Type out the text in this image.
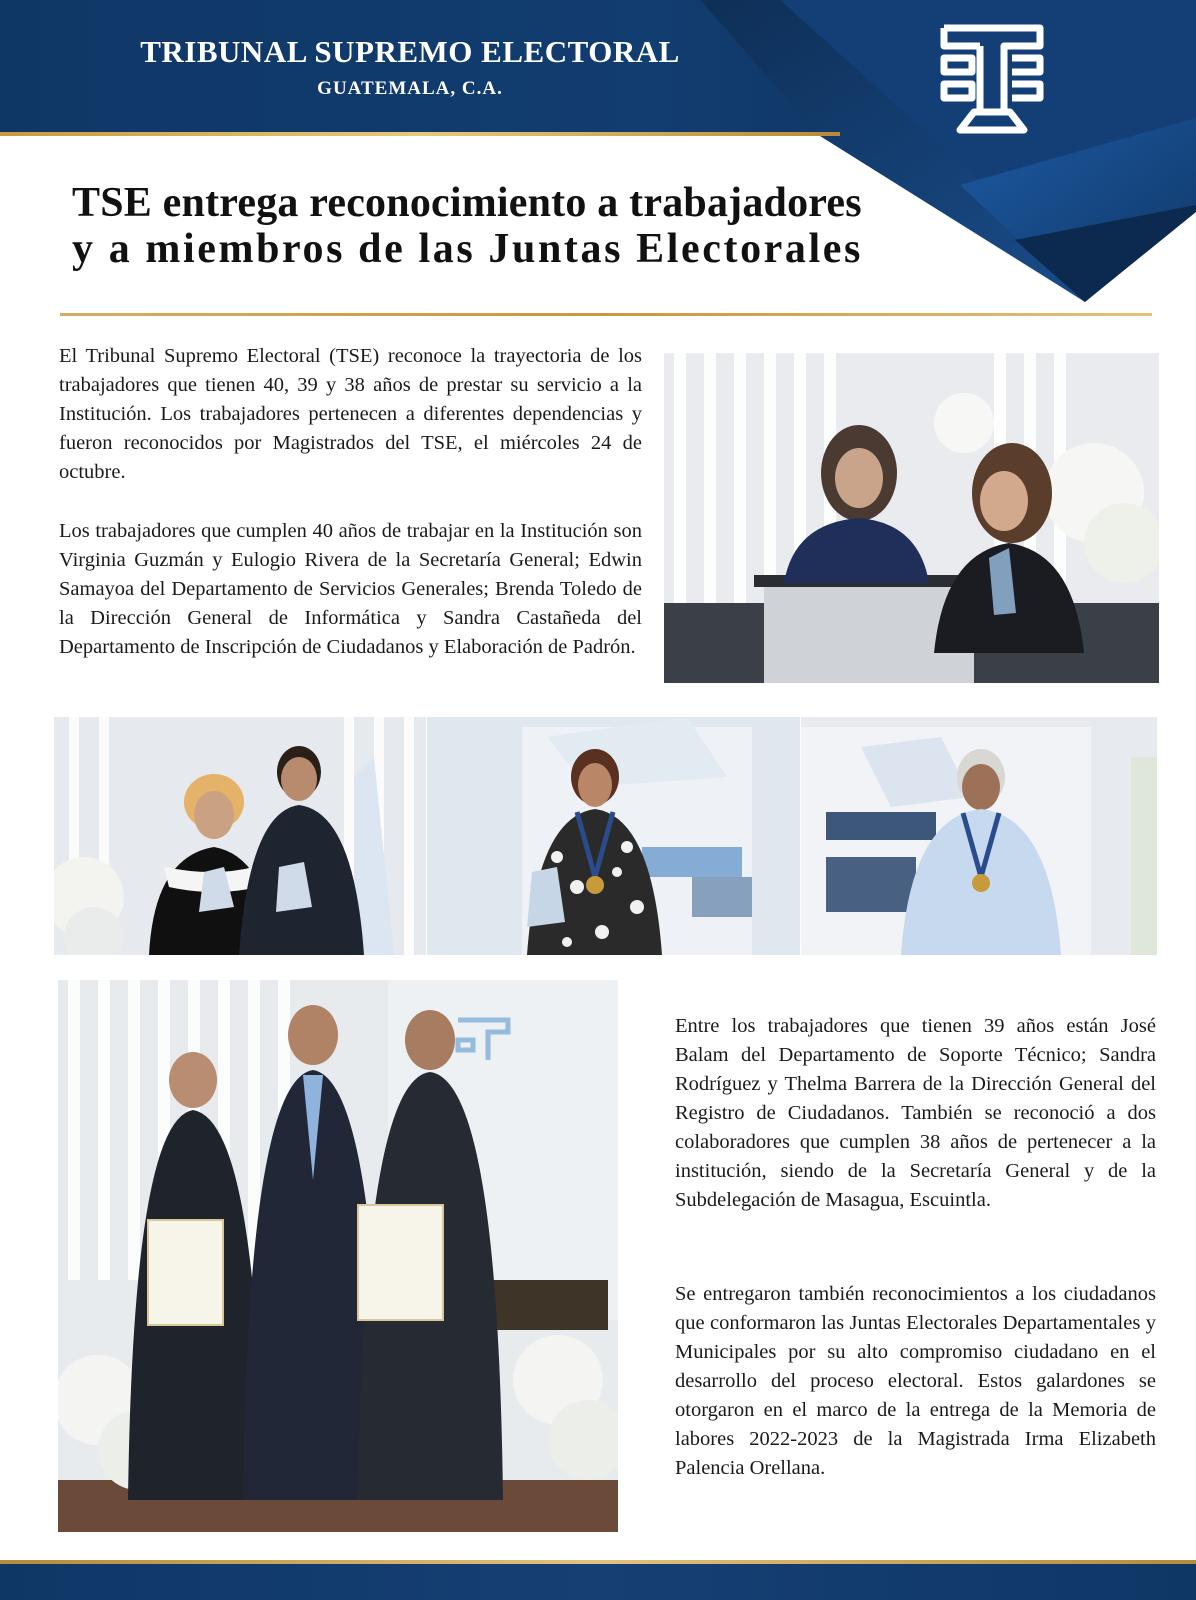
TRIBUNAL SUPREMO ELECTORAL
GUATEMALA, C.A.
TSE entrega reconocimiento a trabajadores
y a miembros de las Juntas Electorales

El Tribunal Supremo Electoral (TSE) reconoce la trayectoria de los trabajadores que tienen 40, 39 y 38 años de prestar su servicio a la Institución. Los trabajadores pertenecen a diferentes dependencias y fueron reconocidos por Magistrados del TSE, el miércoles 24 de octubre.

Los trabajadores que cumplen 40 años de trabajar en la Institución son Virginia Guzmán y Eulogio Rivera de la Secretaría General; Edwin Samayoa del Departamento de Servicios Generales; Brenda Toledo de la Dirección General de Informática y Sandra Castañeda del Departamento de Inscripción de Ciudadanos y Elaboración de Padrón.

Entre los trabajadores que tienen 39 años están José Balam del Departamento de Soporte Técnico; Sandra Rodríguez y Thelma Barrera de la Dirección General del Registro de Ciudadanos. También se reconoció a dos colaboradores que cumplen 38 años de pertenecer a la institución, siendo de la Secretaría General y de la Subdelegación de Masagua, Escuintla.

Se entregaron también reconocimientos a los ciudadanos que conformaron las Juntas Electorales Departamentales y Municipales por su alto compromiso ciudadano en el desarrollo del proceso electoral. Estos galardones se otorgaron en el marco de la entrega de la Memoria de labores 2022-2023 de la Magistrada Irma Elizabeth Palencia Orellana.
